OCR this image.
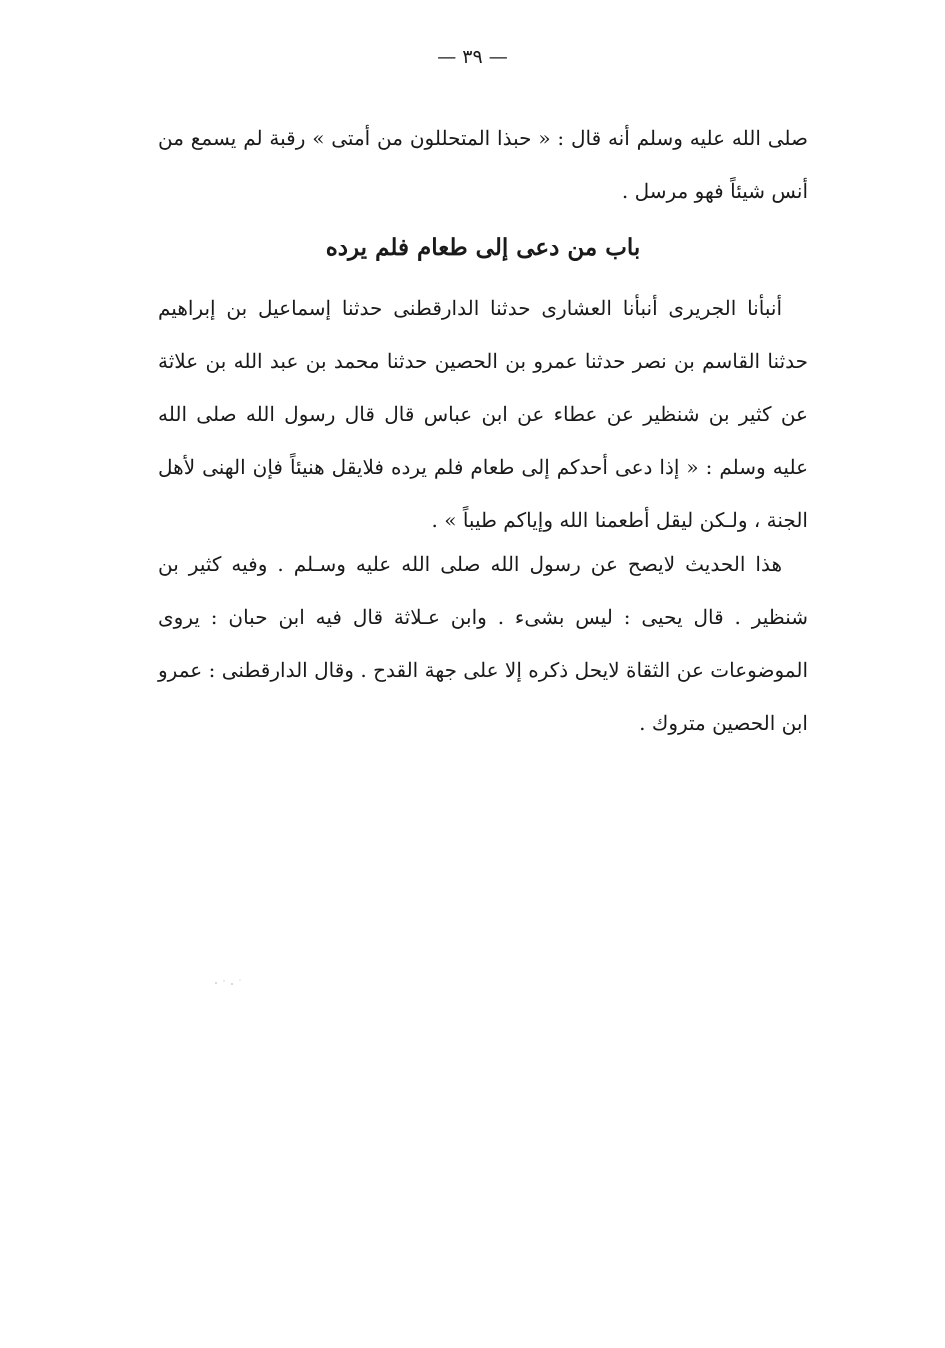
— ٣٩ —

صلى الله عليه وسلم أنه قال : « حبذا المتحللون من أمتى » رقبة لم يسمع من أنس شيئاً فهو مرسل .

باب من دعى إلى طعام فلم يرده

أنبأنا الجريرى أنبأنا العشارى حدثنا الدارقطنى حدثنا إسماعيل بن إبراهيم حدثنا القاسم بن نصر حدثنا عمرو بن الحصين حدثنا محمد بن عبد الله بن علاثة عن كثير بن شنظير عن عطاء عن ابن عباس قال قال رسول الله صلى الله عليه وسلم : « إذا دعى أحدكم إلى طعام فلم يرده فلايقل هنيئاً فإن الهنى لأهل الجنة ، ولـكن ليقل أطعمنا الله وإياكم طيباً » .

هذا الحديث لايصح عن رسول الله صلى الله عليه وسـلم . وفيه كثير بن شنظير . قال يحيى : ليس بشىء . وابن عـلاثة قال فيه ابن حبان : يروى الموضوعات عن الثقاة لايحل ذكره إلا على جهة القدح . وقال الدارقطنى : عمرو ابن الحصين متروك .
